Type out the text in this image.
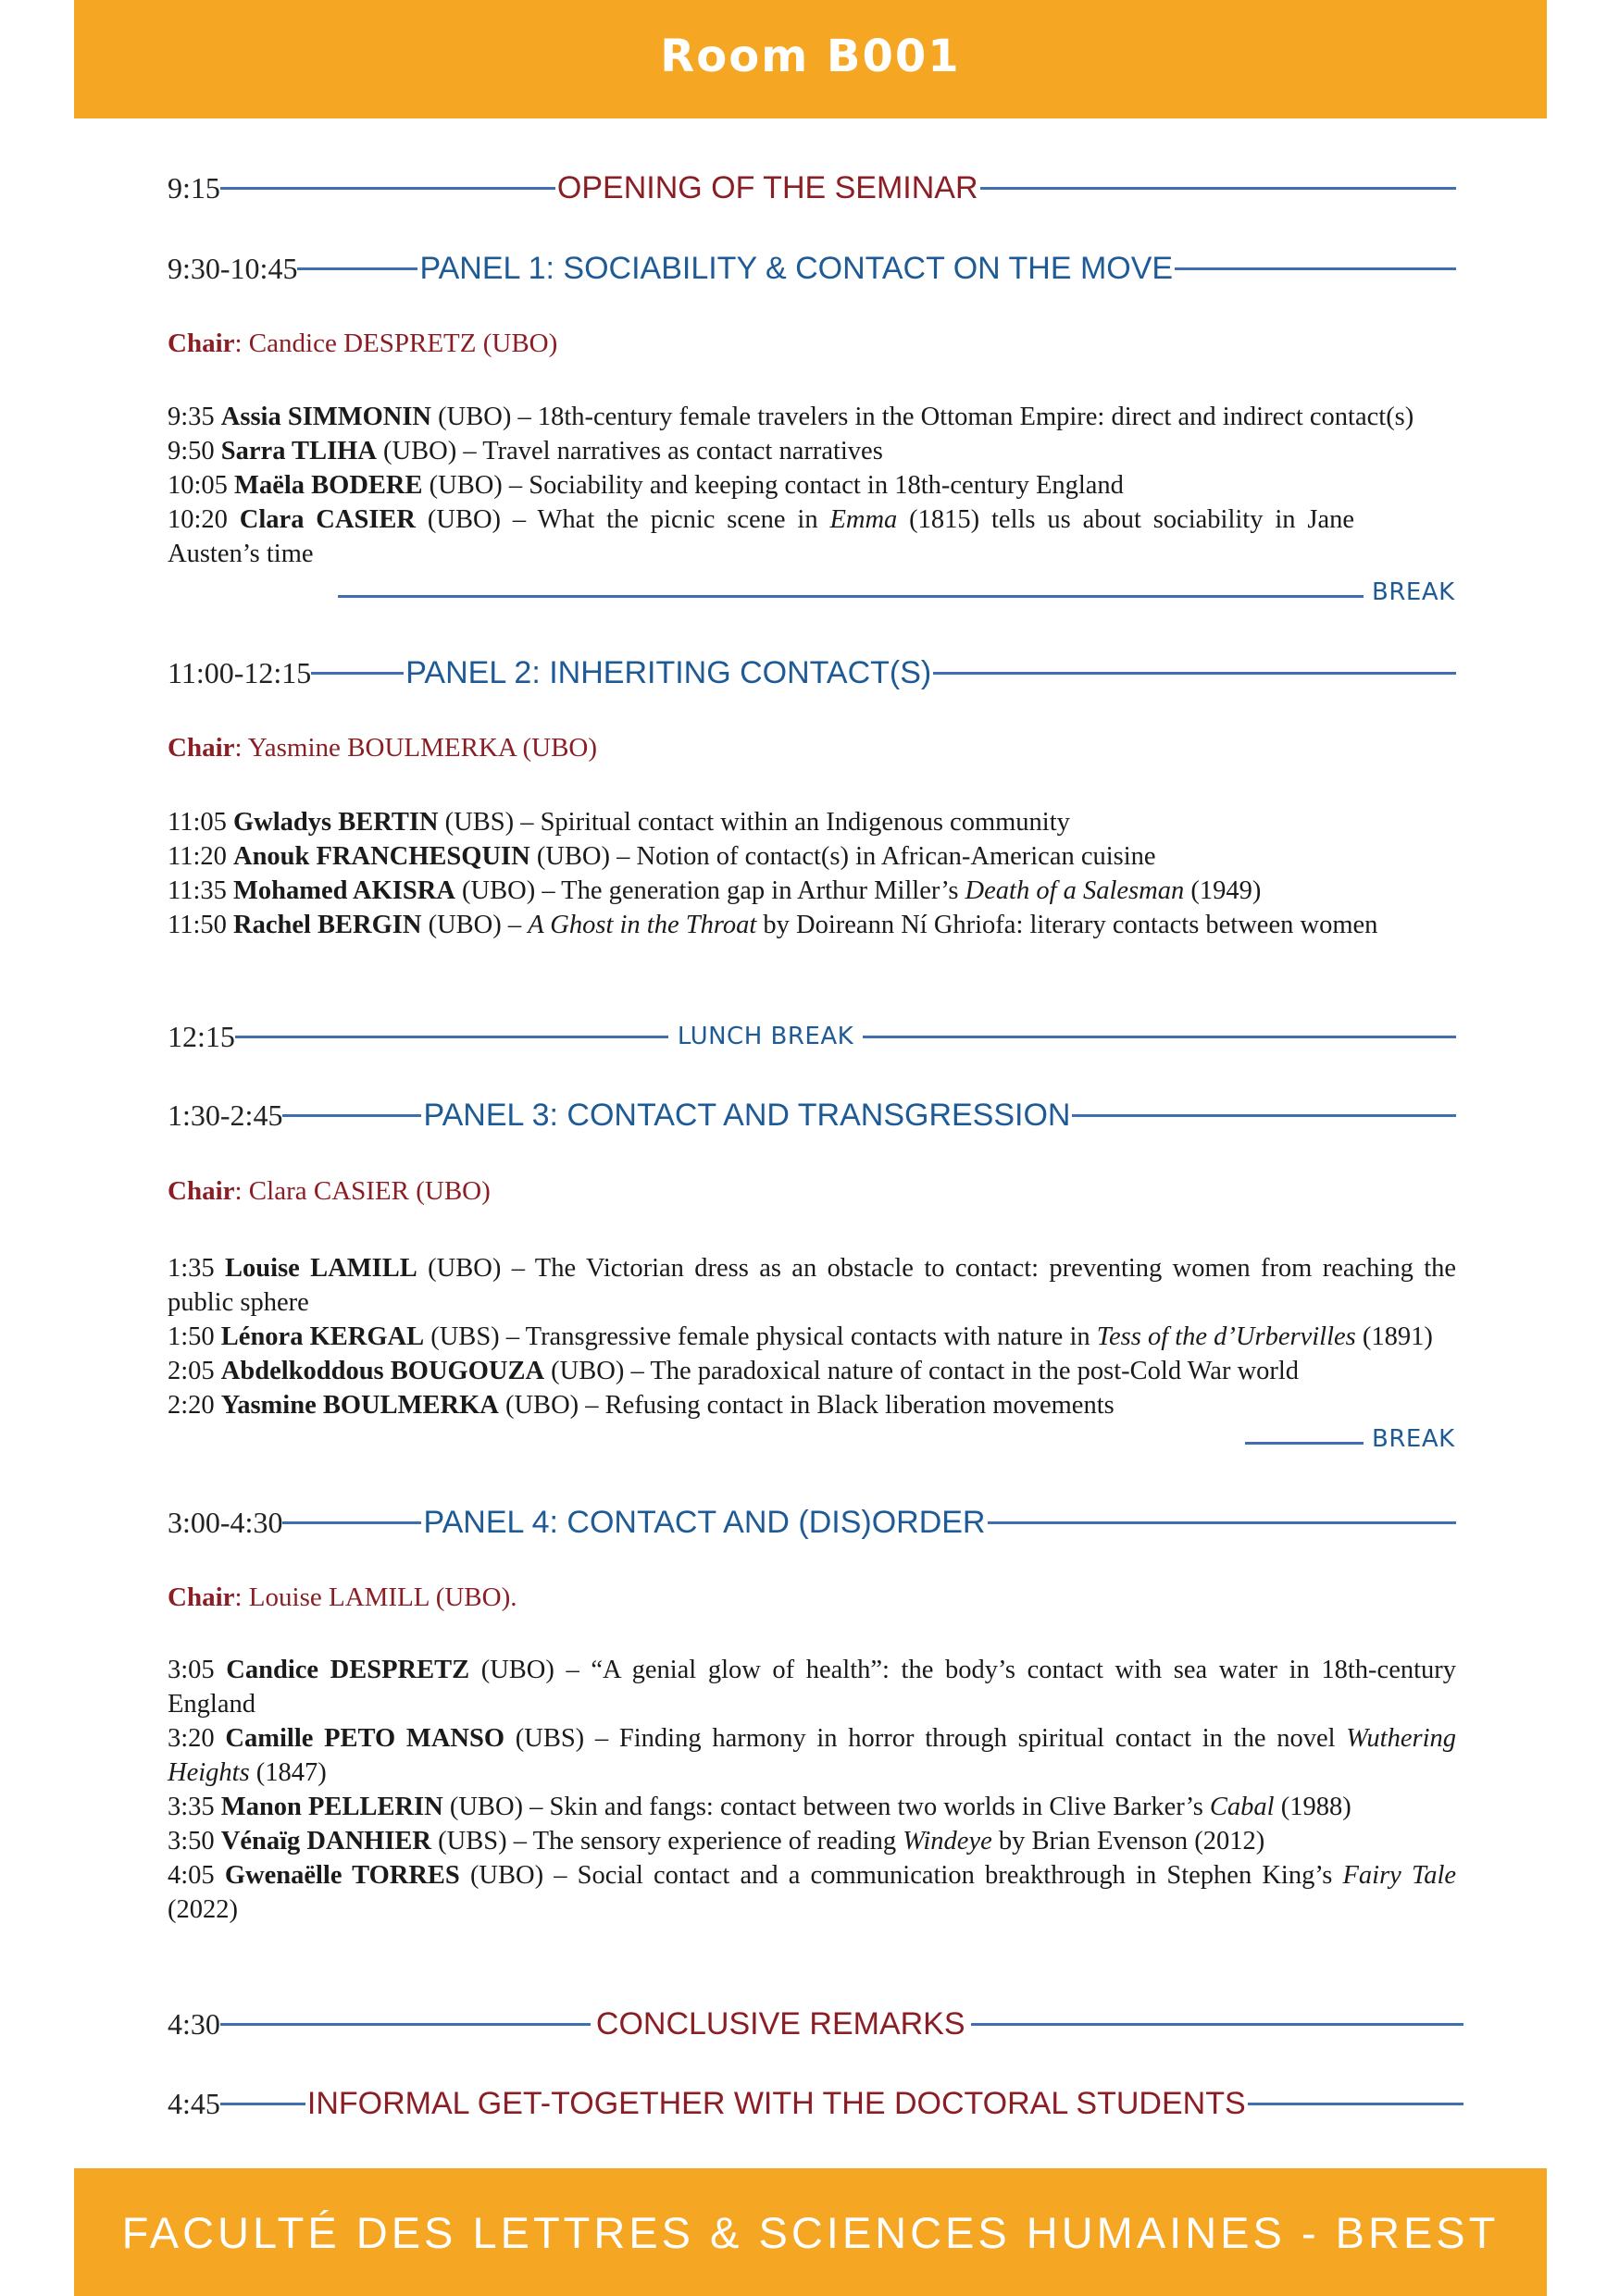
Room B001
9:15	OPENING OF THE SEMINAR
9:30-10:45	PANEL 1: SOCIABILITY & CONTACT ON THE MOVE
Chair: Candice DESPRETZ (UBO)
9:35 Assia SIMMONIN (UBO) – 18th-century female travelers in the Ottoman Empire: direct and indirect contact(s)
9:50 Sarra TLIHA (UBO) – Travel narratives as contact narratives
10:05 Maëla BODERE (UBO) – Sociability and keeping contact in 18th-century England
10:20 Clara CASIER (UBO) – What the picnic scene in Emma (1815) tells us about sociability in Jane Austen’s time
BREAK
11:00-12:15	PANEL 2: INHERITING CONTACT(S)
Chair: Yasmine BOULMERKA (UBO)
11:05 Gwladys BERTIN (UBS) – Spiritual contact within an Indigenous community
11:20 Anouk FRANCHESQUIN (UBO) – Notion of contact(s) in African-American cuisine
11:35 Mohamed AKISRA (UBO) – The generation gap in Arthur Miller’s Death of a Salesman (1949)
11:50 Rachel BERGIN (UBO) – A Ghost in the Throat by Doireann Ní Ghriofa: literary contacts between women
12:15	LUNCH BREAK
1:30-2:45	PANEL 3: CONTACT AND TRANSGRESSION
Chair: Clara CASIER (UBO)
1:35 Louise LAMILL (UBO) – The Victorian dress as an obstacle to contact: preventing women from reaching the public sphere
1:50 Lénora KERGAL (UBS) – Transgressive female physical contacts with nature in Tess of the d’Urbervilles (1891)
2:05 Abdelkoddous BOUGOUZA (UBO) – The paradoxical nature of contact in the post-Cold War world
2:20 Yasmine BOULMERKA (UBO) – Refusing contact in Black liberation movements
BREAK
3:00-4:30	PANEL 4: CONTACT AND (DIS)ORDER
Chair: Louise LAMILL (UBO).
3:05 Candice DESPRETZ (UBO) – “A genial glow of health”: the body’s contact with sea water in 18th-century England
3:20 Camille PETO MANSO (UBS) – Finding harmony in horror through spiritual contact in the novel Wuthering Heights (1847)
3:35 Manon PELLERIN (UBO) – Skin and fangs: contact between two worlds in Clive Barker’s Cabal (1988)
3:50 Vénaïg DANHIER (UBS) – The sensory experience of reading Windeye by Brian Evenson (2012)
4:05 Gwenaëlle TORRES (UBO) – Social contact and a communication breakthrough in Stephen King’s Fairy Tale (2022)
4:30	CONCLUSIVE REMARKS
4:45	INFORMAL GET-TOGETHER WITH THE DOCTORAL STUDENTS
FACULTÉ DES LETTRES & SCIENCES HUMAINES - BREST
